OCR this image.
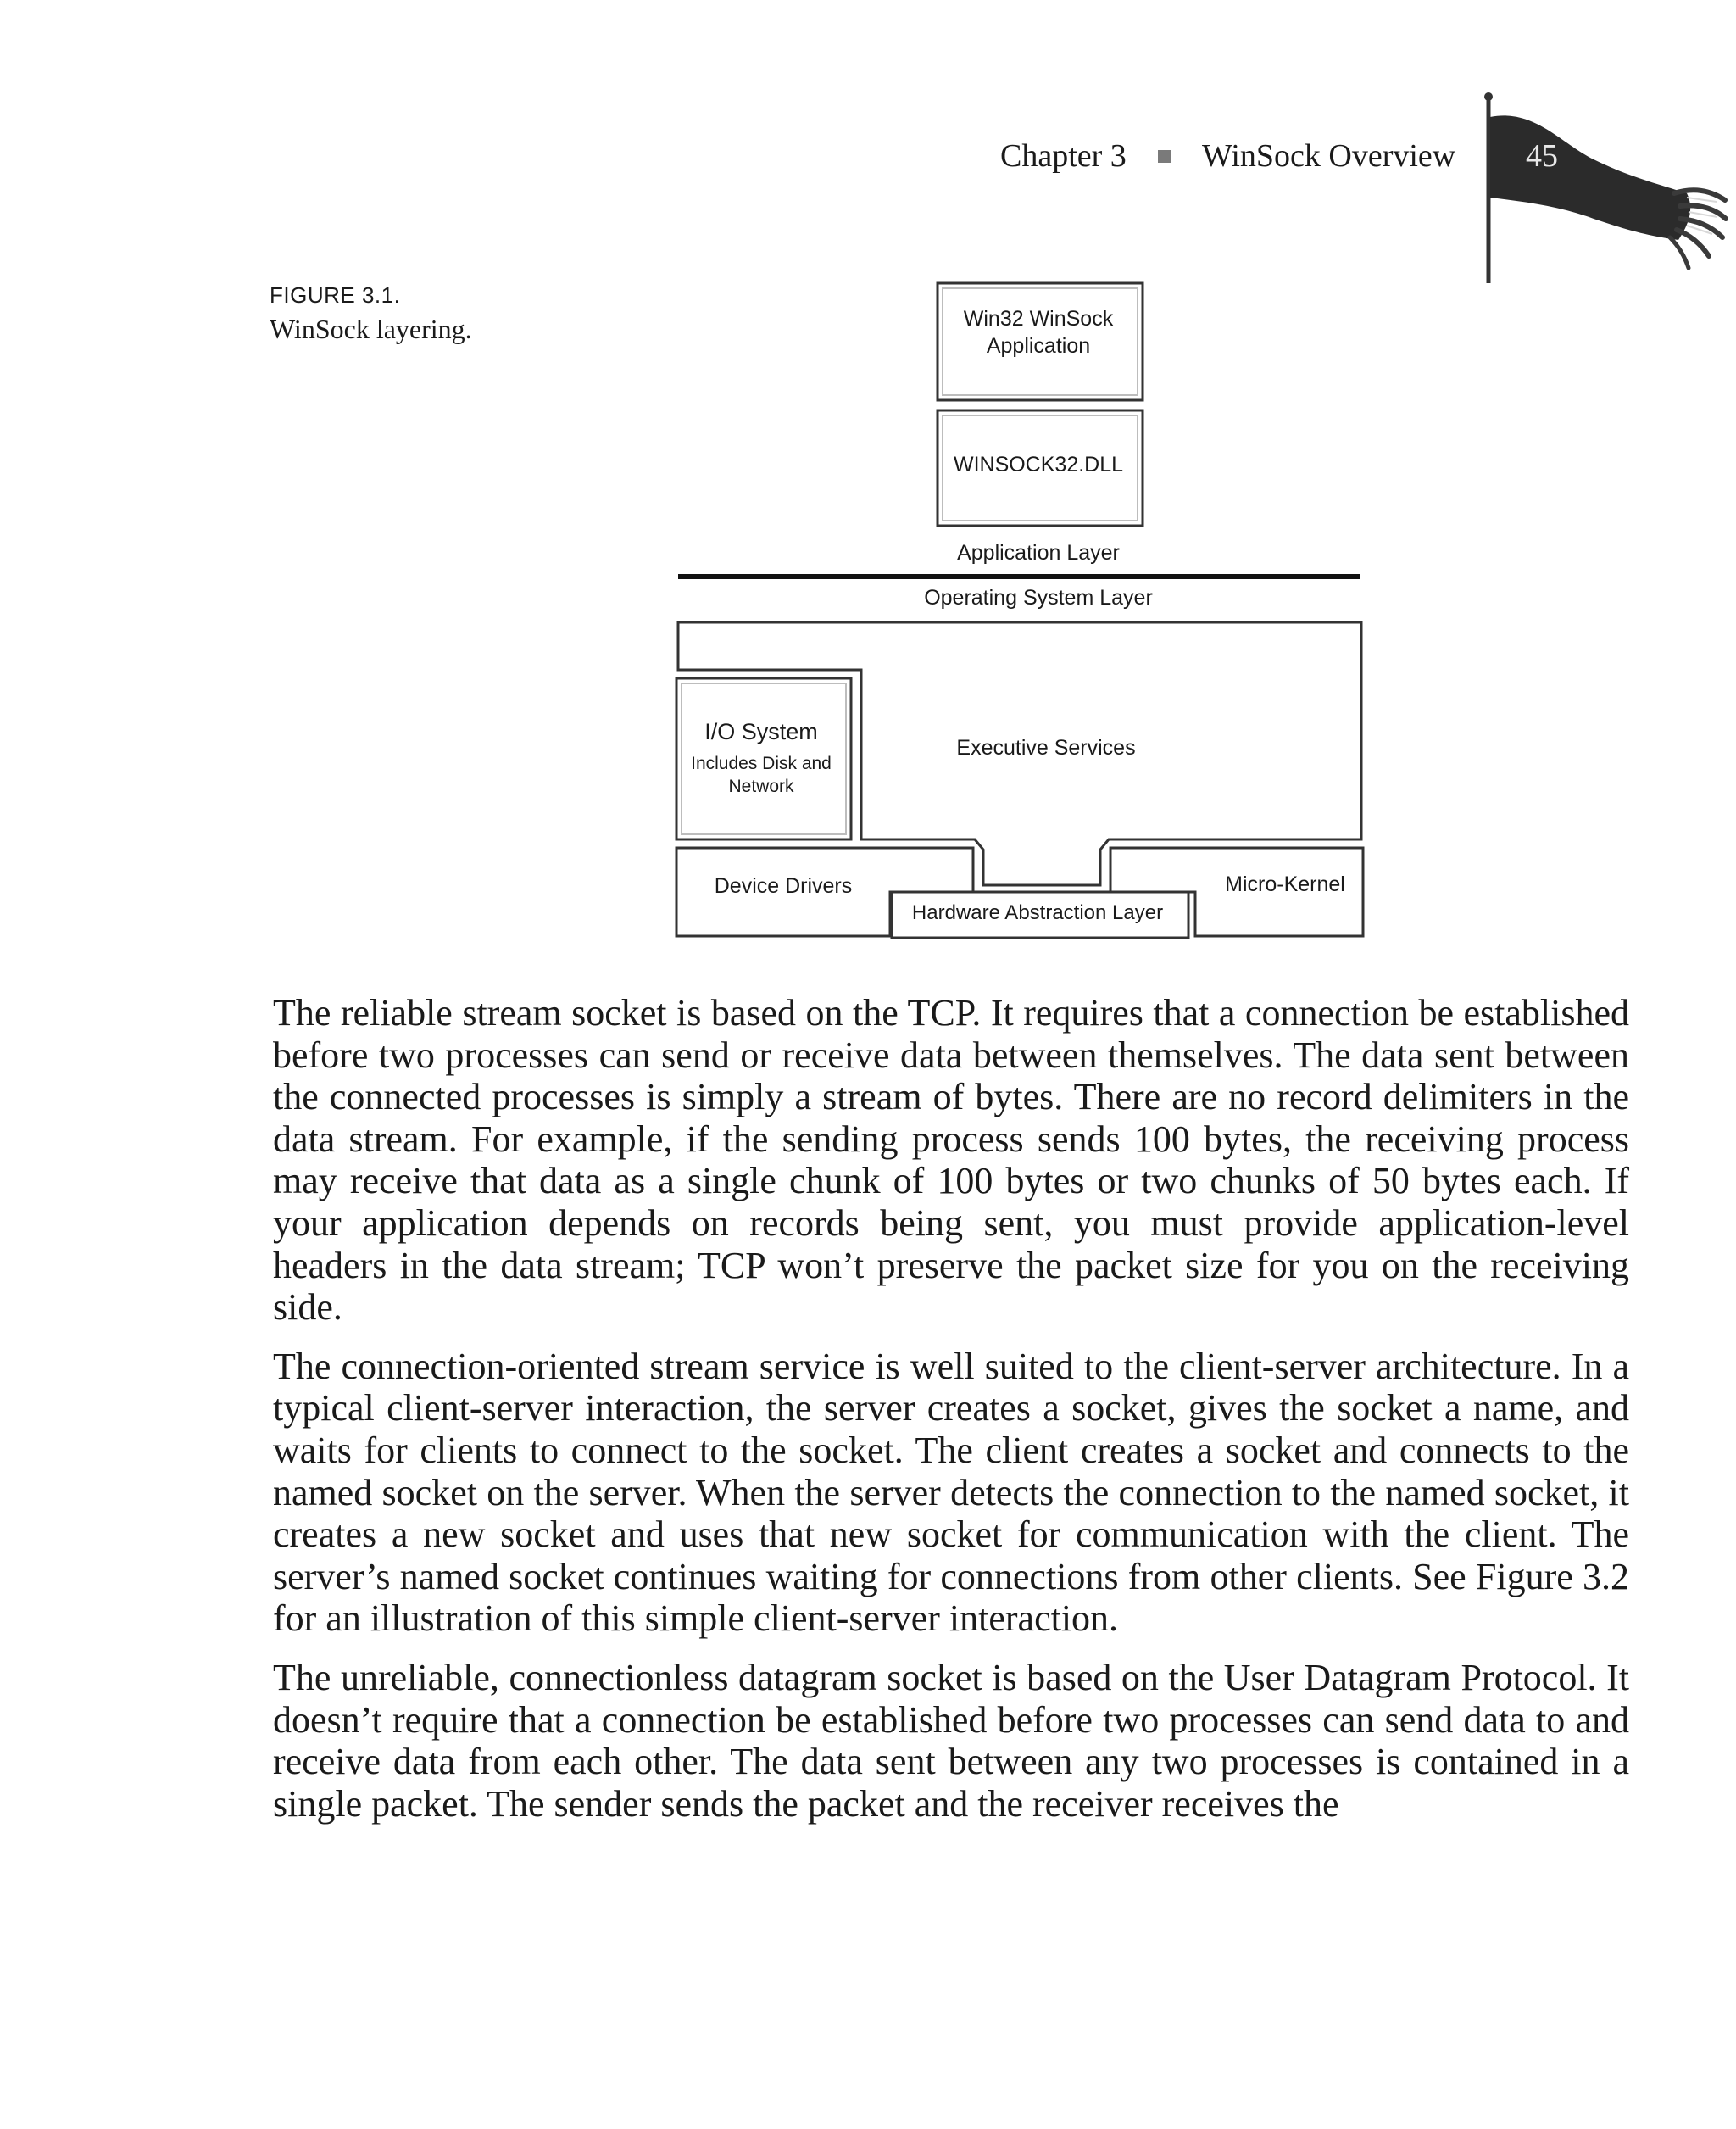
Chapter 3 WinSock Overview 45
FIGURE 3.1.
WinSock layering.	Win32 WinSock
Application
WINSOCK32.DLL
Application Layer
Operating System Layer
I/O System
Includes Disk and
Network
Executive Services
Device Drivers
Hardware Abstraction Layer
Micro-Kernel

The reliable stream socket is based on the TCP. It requires that a connection be established before two processes can send or receive data between themselves. The data sent between the connected processes is simply a stream of bytes. There are no record delimiters in the data stream. For example, if the sending process sends 100 bytes, the receiving process may receive that data as a single chunk of 100 bytes or two chunks of 50 bytes each. If your application depends on records being sent, you must provide application-level headers in the data stream; TCP won’t preserve the packet size for you on the receiving side.

The connection-oriented stream service is well suited to the client-server architecture. In a typical client-server interaction, the server creates a socket, gives the socket a name, and waits for clients to connect to the socket. The client creates a socket and connects to the named socket on the server. When the server detects the connection to the named socket, it creates a new socket and uses that new socket for communication with the client. The server’s named socket continues waiting for connections from other clients. See Figure 3.2 for an illustration of this simple client-server interaction.

The unreliable, connectionless datagram socket is based on the User Datagram Protocol. It doesn’t require that a connection be established before two processes can send data to and receive data from each other. The data sent between any two processes is contained in a single packet. The sender sends the packet and the receiver receives the
